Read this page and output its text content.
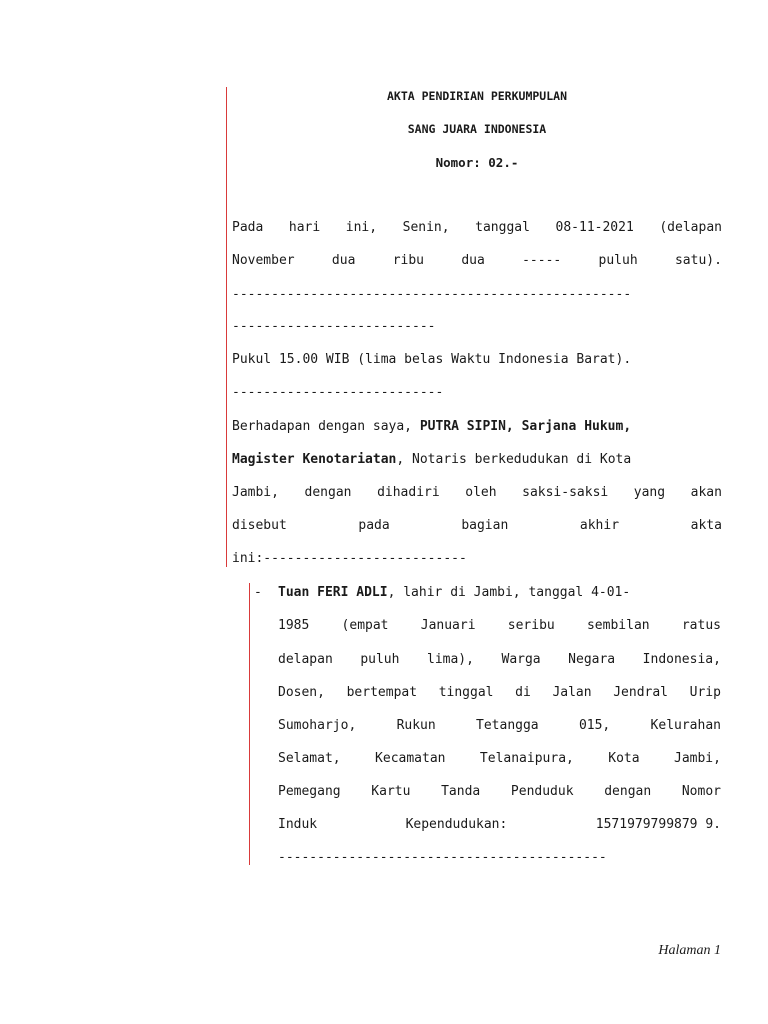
AKTA PENDIRIAN PERKUMPULAN
SANG JUARA INDONESIA
Nomor: 02.-
Pada hari ini, Senin, tanggal 08-11-2021 (delapan
November	dua	ribu	dua	-----	puluh	satu).
---------------------------------------------------
--------------------------
Pukul 15.00 WIB (lima belas Waktu Indonesia Barat).
---------------------------
Berhadapan dengan saya, PUTRA SIPIN, Sarjana Hukum,
Magister Kenotariatan, Notaris berkedudukan di Kota
Jambi, dengan dihadiri oleh saksi-saksi yang akan
disebut	pada	bagian	akhir	akta
ini:--------------------------
- Tuan FERI ADLI, lahir di Jambi, tanggal 4-01-
1985 (empat Januari seribu sembilan ratus
delapan puluh lima), Warga Negara Indonesia,
Dosen, bertempat tinggal di Jalan Jendral Urip
Sumoharjo,	Rukun	Tetangga	015,	Kelurahan
Selamat,	Kecamatan	Telanaipura,	Kota	Jambi,
Pemegang Kartu Tanda Penduduk dengan Nomor
Induk	Kependudukan:	1571979799879 9.
------------------------------------------
Halaman 1
